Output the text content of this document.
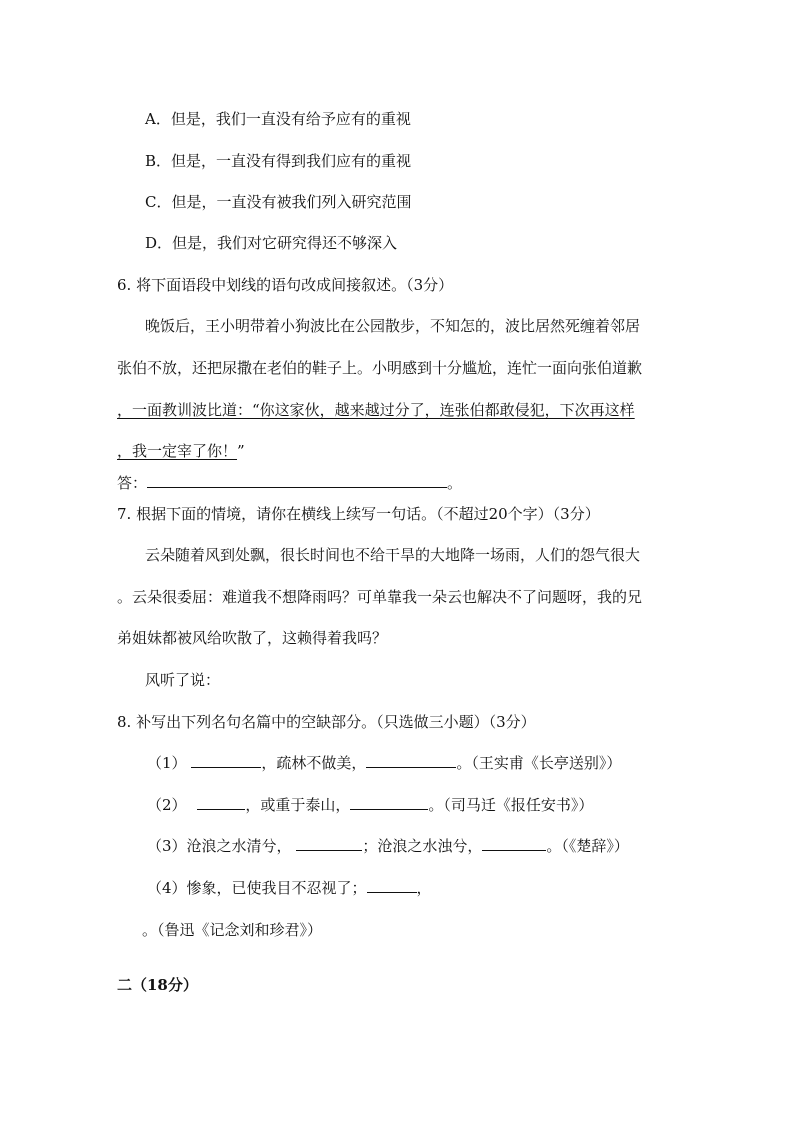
A．但是，我们一直没有给予应有的重视
B．但是，一直没有得到我们应有的重视
C．但是，一直没有被我们列入研究范围
D．但是，我们对它研究得还不够深入
6. 将下面语段中划线的语句改成间接叙述。（3分）
晚饭后，王小明带着小狗波比在公园散步，不知怎的，波比居然死缠着邻居
张伯不放，还把尿撒在老伯的鞋子上。小明感到十分尴尬，连忙一面向张伯道歉
，一面教训波比道：“你这家伙，越来越过分了，连张伯都敢侵犯，下次再这样
，我一定宰了你！”
答：	。
7. 根据下面的情境，请你在横线上续写一句话。（不超过20个字）（3分）
云朵随着风到处飘，很长时间也不给干旱的大地降一场雨，人们的怨气很大
。云朵很委屈：难道我不想降雨吗？可单靠我一朵云也解决不了问题呀，我的兄
弟姐妹都被风给吹散了，这赖得着我吗？
风听了说：
8. 补写出下列名句名篇中的空缺部分。（只选做三小题）（3分）
（1）	，疏林不做美，	。（王实甫《长亭送别》）
（2）	，或重于泰山，	。（司马迁《报任安书》）
（3）沧浪之水清兮，	；沧浪之水浊兮，	。（《楚辞》）
（4）惨象，已使我目不忍视了；	，
。（鲁迅《记念刘和珍君》）
二（18分）
